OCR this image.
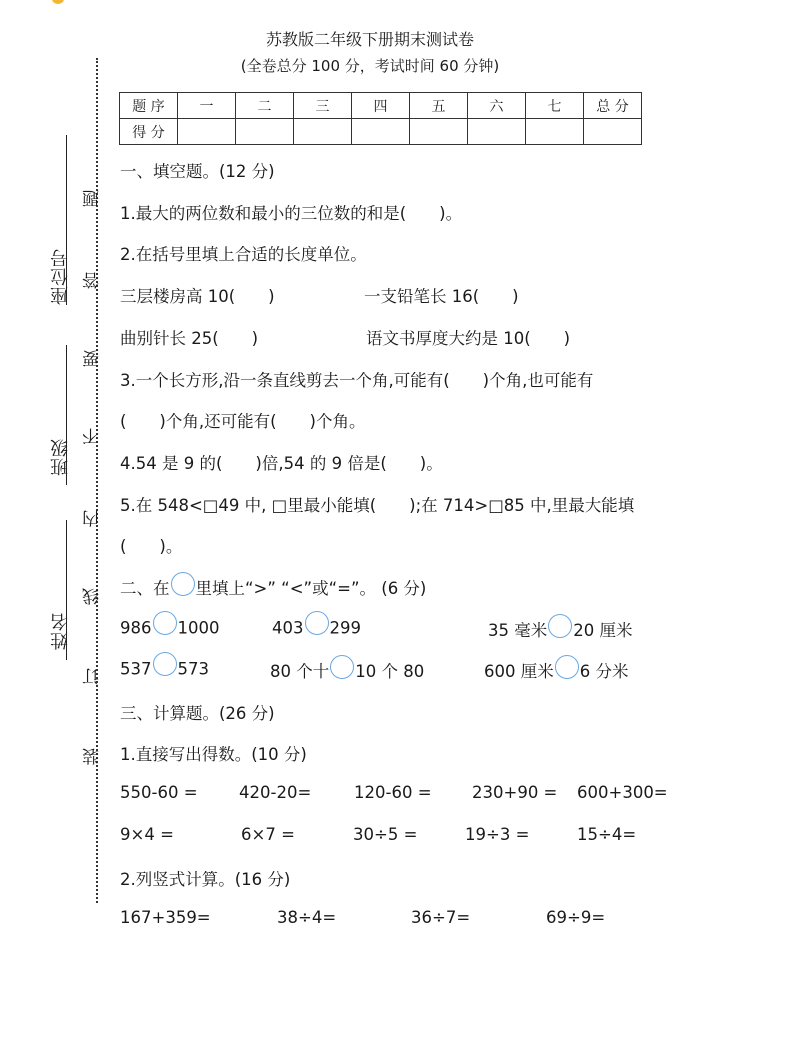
苏教版二年级下册期末测试卷
(全卷总分 100 分，考试时间 60 分钟)
座位号
班级
姓名
题
答
要
不
内
线
订
装
题 序	一	二	三	四	五	六	七	总 分
得 分								
一、填空题。(12 分)
1.最大的两位数和最小的三位数的和是(　　)。
2.在括号里填上合适的长度单位。
三层楼房高 10(　　)	一支铅笔长 16(　　)
曲别针长 25(　　)	语文书厚度大约是 10(　　)
3.一个长方形,沿一条直线剪去一个角,可能有(　　)个角,也可能有
(　　)个角,还可能有(　　)个角。
4.54 是 9 的(　　)倍,54 的 9 倍是(　　)。
5.在 548<□49 中, □里最小能填(　　);在 714>□85 中,里最大能填
(　　)。
二、在 里填上“>” “<”或“=”。 (6 分)
986 1000	403 299	35 毫米 20 厘米
537 573	80 个十 10 个 80	600 厘米 6 分米
三、计算题。(26 分)
1.直接写出得数。(10 分)
550-60 =	420-20=	120-60 = 230+90 = 600+300=
9×4 =	6×7 =	30÷5 =	19÷3 =	15÷4=
2.列竖式计算。(16 分)
167+359=	38÷4=	36÷7=	69÷9=
